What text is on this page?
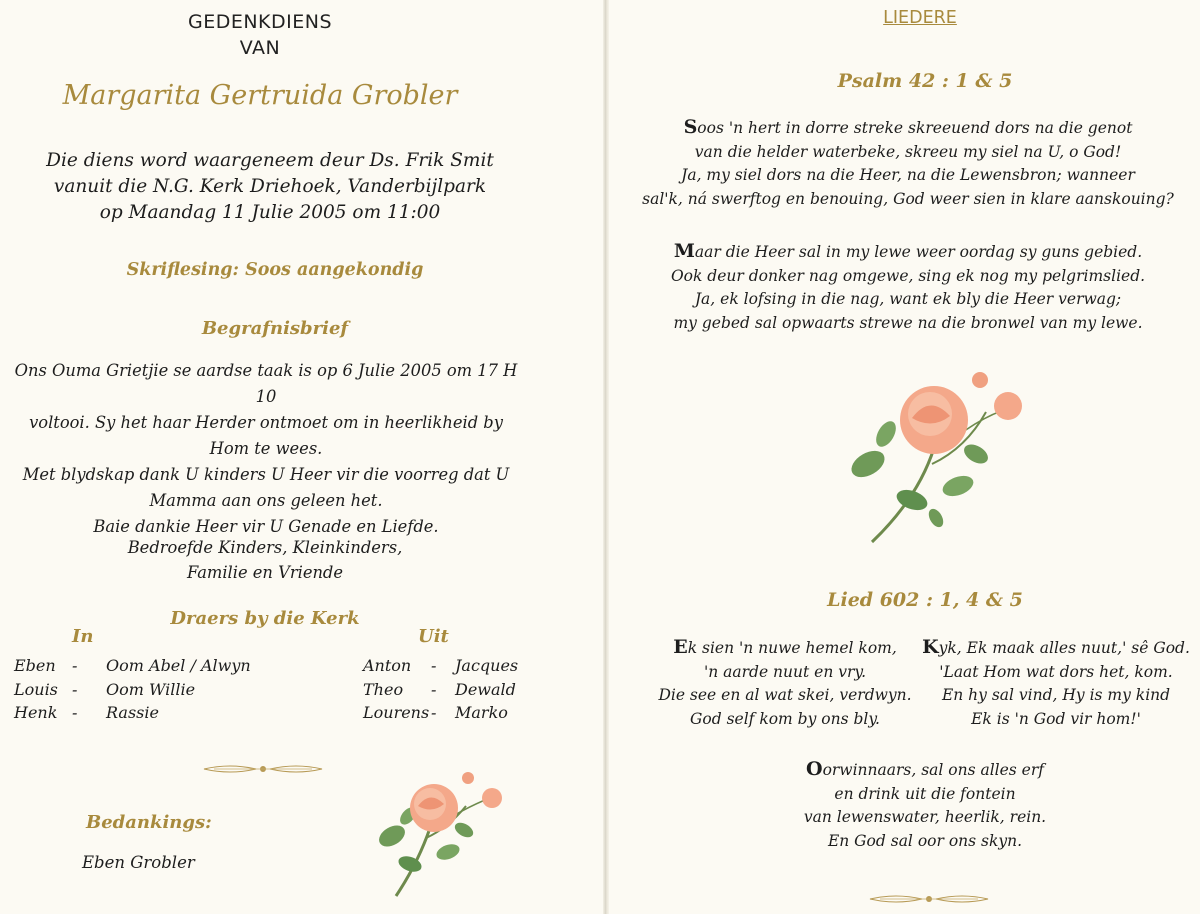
GEDENKDIENS
VAN
Margarita Gertruida Grobler
Die diens word waargeneem deur Ds. Frik Smit
vanuit die N.G. Kerk Driehoek, Vanderbijlpark
op Maandag 11 Julie 2005 om 11:00
Skriflesing: Soos aangekondig
Begrafnisbrief
Ons Ouma Grietjie se aardse taak is op 6 Julie 2005 om 17 H 10
voltooi. Sy het haar Herder ontmoet om in heerlikheid by
Hom te wees.
Met blydskap dank U kinders U Heer vir die voorreg dat U
Mamma aan ons geleen het.
Baie dankie Heer vir U Genade en Liefde.
Bedroefde Kinders, Kleinkinders,
Familie en Vriende
Draers by die Kerk
In	Uit
Eben - Oom Abel / Alwyn
Louis - Oom Willie
Henk - Rassie
Anton - Jacques
Theo - Dewald
Lourens - Marko
Bedankings:
Eben Grobler
LIEDERE
Psalm 42 : 1 & 5
Soos 'n hert in dorre streke skreeuend dors na die genot
van die helder waterbeke, skreeu my siel na U, o God!
Ja, my siel dors na die Heer, na die Lewensbron; wanneer
sal'k, ná swerftog en benouing, God weer sien in klare aanskouing?
Maar die Heer sal in my lewe weer oordag sy guns gebied.
Ook deur donker nag omgewe, sing ek nog my pelgrimslied.
Ja, ek lofsing in die nag, want ek bly die Heer verwag;
my gebed sal opwaarts strewe na die bronwel van my lewe.
Lied 602 : 1, 4 & 5
Ek sien 'n nuwe hemel kom,
'n aarde nuut en vry.
Die see en al wat skei, verdwyn.
God self kom by ons bly.
Kyk, Ek maak alles nuut,' sê God.
'Laat Hom wat dors het, kom.
En hy sal vind, Hy is my kind
Ek is 'n God vir hom!'
Oorwinnaars, sal ons alles erf
en drink uit die fontein
van lewenswater, heerlik, rein.
En God sal oor ons skyn.
